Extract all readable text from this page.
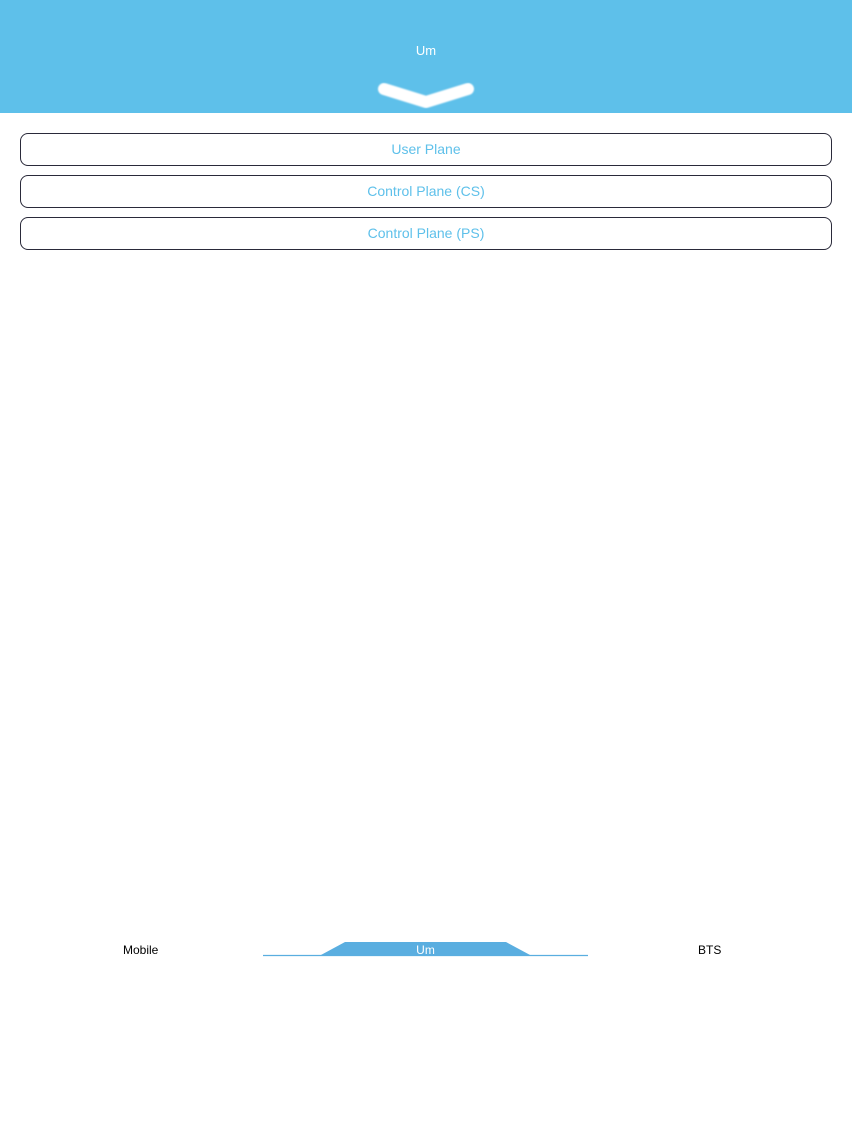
Um
User Plane
Control Plane (CS)
Control Plane (PS)
Mobile	Um	BTS
